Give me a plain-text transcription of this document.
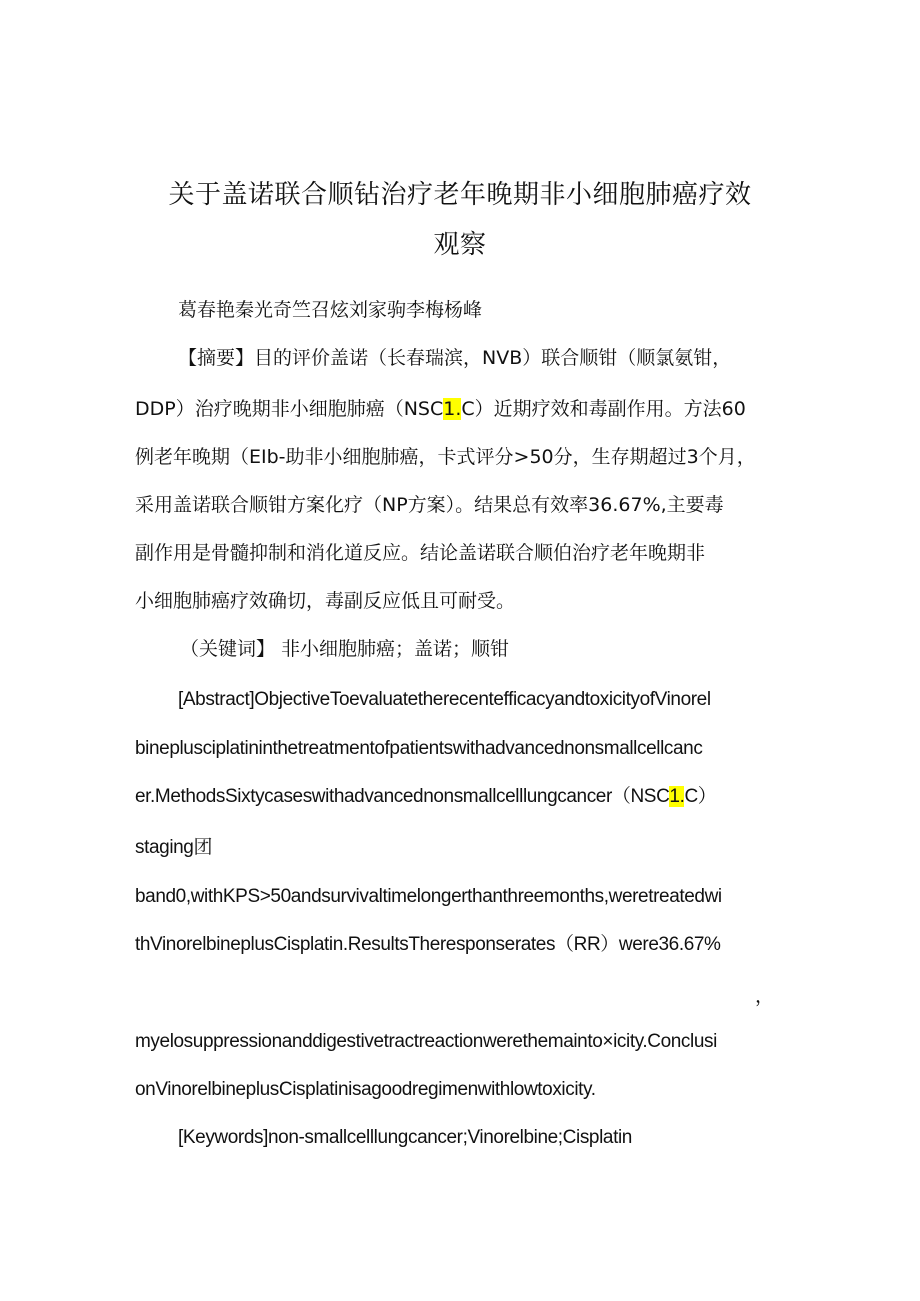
关于盖诺联合顺钻治疗老年晚期非小细胞肺癌疗效
观察
葛春艳秦光奇竺召炫刘家驹李梅杨峰
【摘要】目的评价盖诺（长春瑞滨，NVB）联合顺钳（顺氯氨钳，
DDP）治疗晚期非小细胞肺癌（NSC1.C）近期疗效和毒副作用。方法60
例老年晚期（EIb-助非小细胞肺癌，卡式评分>50分，生存期超过3个月，
采用盖诺联合顺钳方案化疗（NP方案）。结果总有效率36.67%,主要毒
副作用是骨髓抑制和消化道反应。结论盖诺联合顺伯治疗老年晚期非
小细胞肺癌疗效确切，毒副反应低且可耐受。
（关键词】 非小细胞肺癌；盖诺；顺钳
[Abstract]ObjectiveToevaluatetherecentefficacyandtoxicityofVinorel
bineplusciplatininthetreatmentofpatientswithadvancednonsmallcellcanc
er.MethodsSixtycaseswithadvancednonsmallcelllungcancer（NSC1.C）
staging团
band0,withKPS>50andsurvivaltimelongerthanthreemonths,weretreatedwi
thVinorelbineplusCisplatin.ResultsTheresponserates（RR）were36.67%
，
myelosuppressionanddigestivetractreactionwerethemainto×icity.Conclusi
onVinorelbineplusCisplatinisagoodregimenwithlowtoxicity.
[Keywords]non-smallcelllungcancer;Vinorelbine;Cisplatin
